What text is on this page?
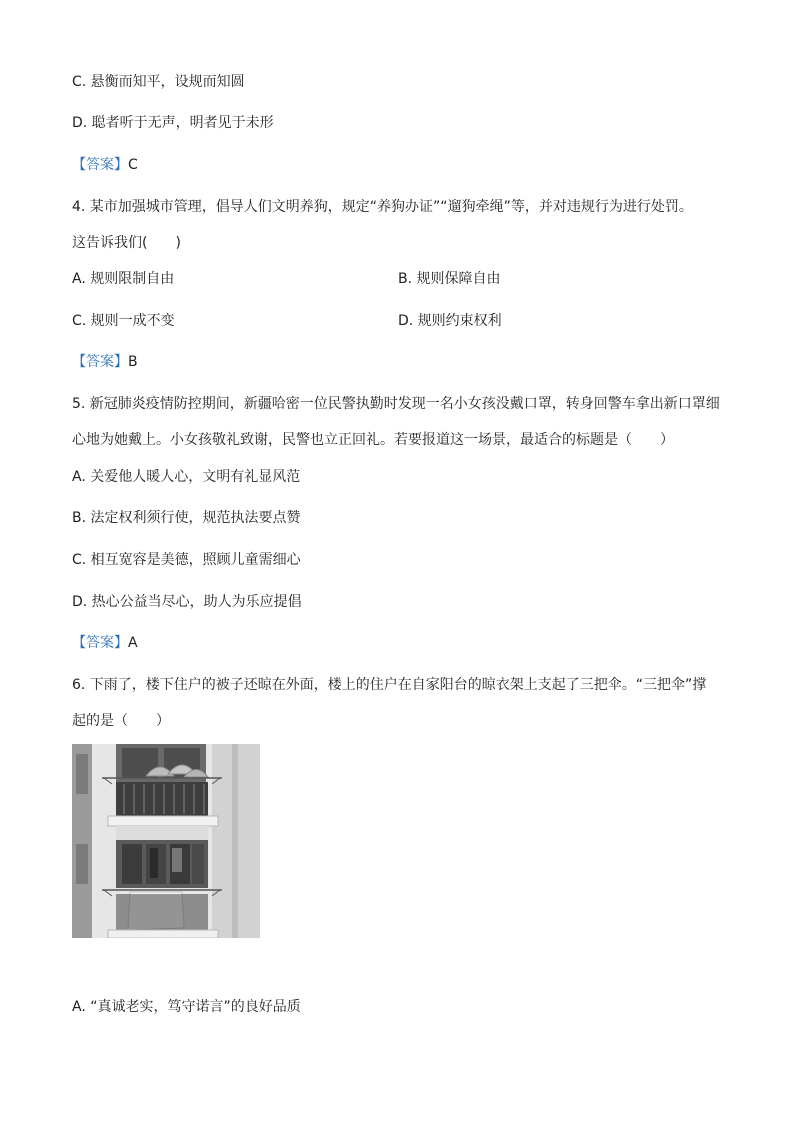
C. 悬衡而知平，设规而知圆
D. 聪者听于无声，明者见于未形
【答案】C
4. 某市加强城市管理，倡导人们文明养狗，规定“养狗办证”“遛狗牵绳”等，并对违规行为进行处罚。
这告诉我们(　　)
A. 规则限制自由	B. 规则保障自由
C. 规则一成不变	D. 规则约束权利
【答案】B
5. 新冠肺炎疫情防控期间，新疆哈密一位民警执勤时发现一名小女孩没戴口罩，转身回警车拿出新口罩细
心地为她戴上。小女孩敬礼致谢，民警也立正回礼。若要报道这一场景，最适合的标题是（　　）
A. 关爱他人暖人心，文明有礼显风范
B. 法定权利须行使，规范执法要点赞
C. 相互宽容是美德，照顾儿童需细心
D. 热心公益当尽心，助人为乐应提倡
【答案】A
6. 下雨了，楼下住户的被子还晾在外面，楼上的住户在自家阳台的晾衣架上支起了三把伞。“三把伞”撑
起的是（　　）
A. “真诚老实，笃守诺言”的良好品质
